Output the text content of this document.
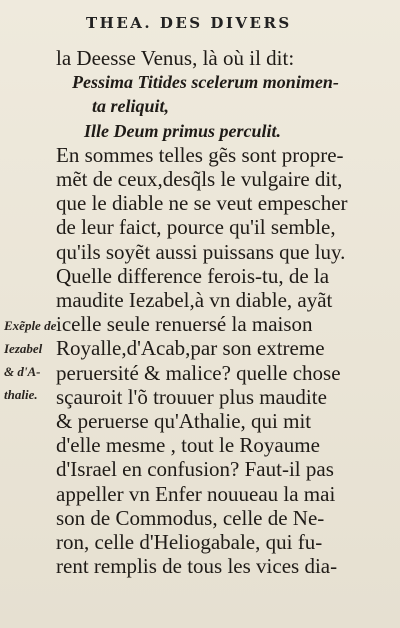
THEA. DES DIVERS
la Deesse Venus, là où il dit:
Pessima Titides scelerum monimen-
ta reliquit,
Ille Deum primus perculit.
En sommes telles gẽs sont propre-
mẽt de ceux,desq̃ls le vulgaire dit,
que le diable ne se veut empescher
de leur faict, pource qu'il semble,
qu'ils soyẽt aussi puissans que luy.
Quelle difference ferois-tu, de la
maudite Iezabel,à vn diable, ayãt
icelle seule renuersé la maison
Royalle,d'Acab,par son extreme
peruersité & malice? quelle chose
sçauroit l'õ trouuer plus maudite
& peruerse qu'Athalie, qui mit
d'elle mesme , tout le Royaume
d'Israel en confusion? Faut-il pas
appeller vn Enfer nouueau la mai
son de Commodus, celle de Ne-
ron, celle d'Heliogabale, qui fu-
rent remplis de tous les vices dia-
Exẽple de
Iezabel
& d'A-
thalie.
